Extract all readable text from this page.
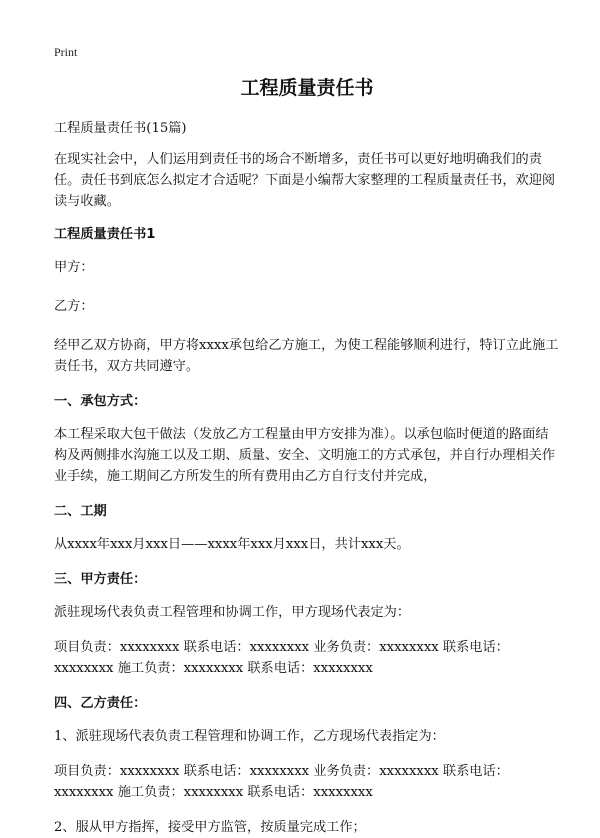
Print
工程质量责任书

工程质量责任书(15篇)

在现实社会中，人们运用到责任书的场合不断增多，责任书可以更好地明确我们的责任。责任书到底怎么拟定才合适呢？下面是小编帮大家整理的工程质量责任书，欢迎阅读与收藏。

工程质量责任书1

甲方：

乙方：

经甲乙双方协商，甲方将xxxx承包给乙方施工，为使工程能够顺利进行，特订立此施工责任书，双方共同遵守。

一、承包方式：

本工程采取大包干做法（发放乙方工程量由甲方安排为准）。以承包临时便道的路面结构及两侧排水沟施工以及工期、质量、安全、文明施工的方式承包，并自行办理相关作业手续，施工期间乙方所发生的所有费用由乙方自行支付并完成，

二、工期

从xxxx年xxx月xxx日——xxxx年xxx月xxx日，共计xxx天。

三、甲方责任：

派驻现场代表负责工程管理和协调工作，甲方现场代表定为：

项目负责：xxxxxxxx 联系电话：xxxxxxxx 业务负责：xxxxxxxx 联系电话：xxxxxxxx 施工负责：xxxxxxxx 联系电话：xxxxxxxx

四、乙方责任：

1、派驻现场代表负责工程管理和协调工作，乙方现场代表指定为：

项目负责：xxxxxxxx 联系电话：xxxxxxxx 业务负责：xxxxxxxx 联系电话：xxxxxxxx 施工负责：xxxxxxxx 联系电话：xxxxxxxx

2、服从甲方指挥，接受甲方监管，按质量完成工作；
